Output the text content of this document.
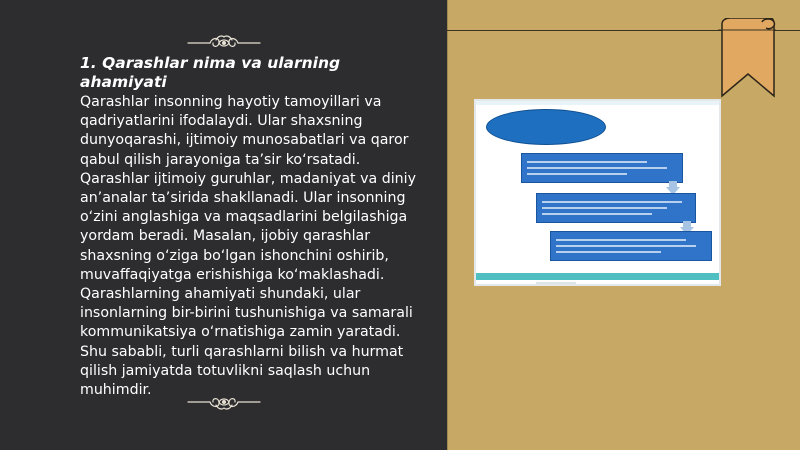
1. Qarashlar nima va ularning ahamiyati
Qarashlar insonning hayotiy tamoyillari va qadriyatlarini ifodalaydi. Ular shaxsning dunyoqarashi, ijtimoiy munosabatlari va qaror qabul qilish jarayoniga ta’sir ko‘rsatadi. Qarashlar ijtimoiy guruhlar, madaniyat va diniy an’analar ta’sirida shakllanadi. Ular insonning o‘zini anglashiga va maqsadlarini belgilashiga yordam beradi. Masalan, ijobiy qarashlar shaxsning o‘ziga bo‘lgan ishonchini oshirib, muvaffaqiyatga erishishiga ko‘maklashadi. Qarashlarning ahamiyati shundaki, ular insonlarning bir-birini tushunishiga va samarali kommunikatsiya o‘rnatishiga zamin yaratadi. Shu sababli, turli qarashlarni bilish va hurmat qilish jamiyatda totuvlikni saqlash uchun muhimdir.
